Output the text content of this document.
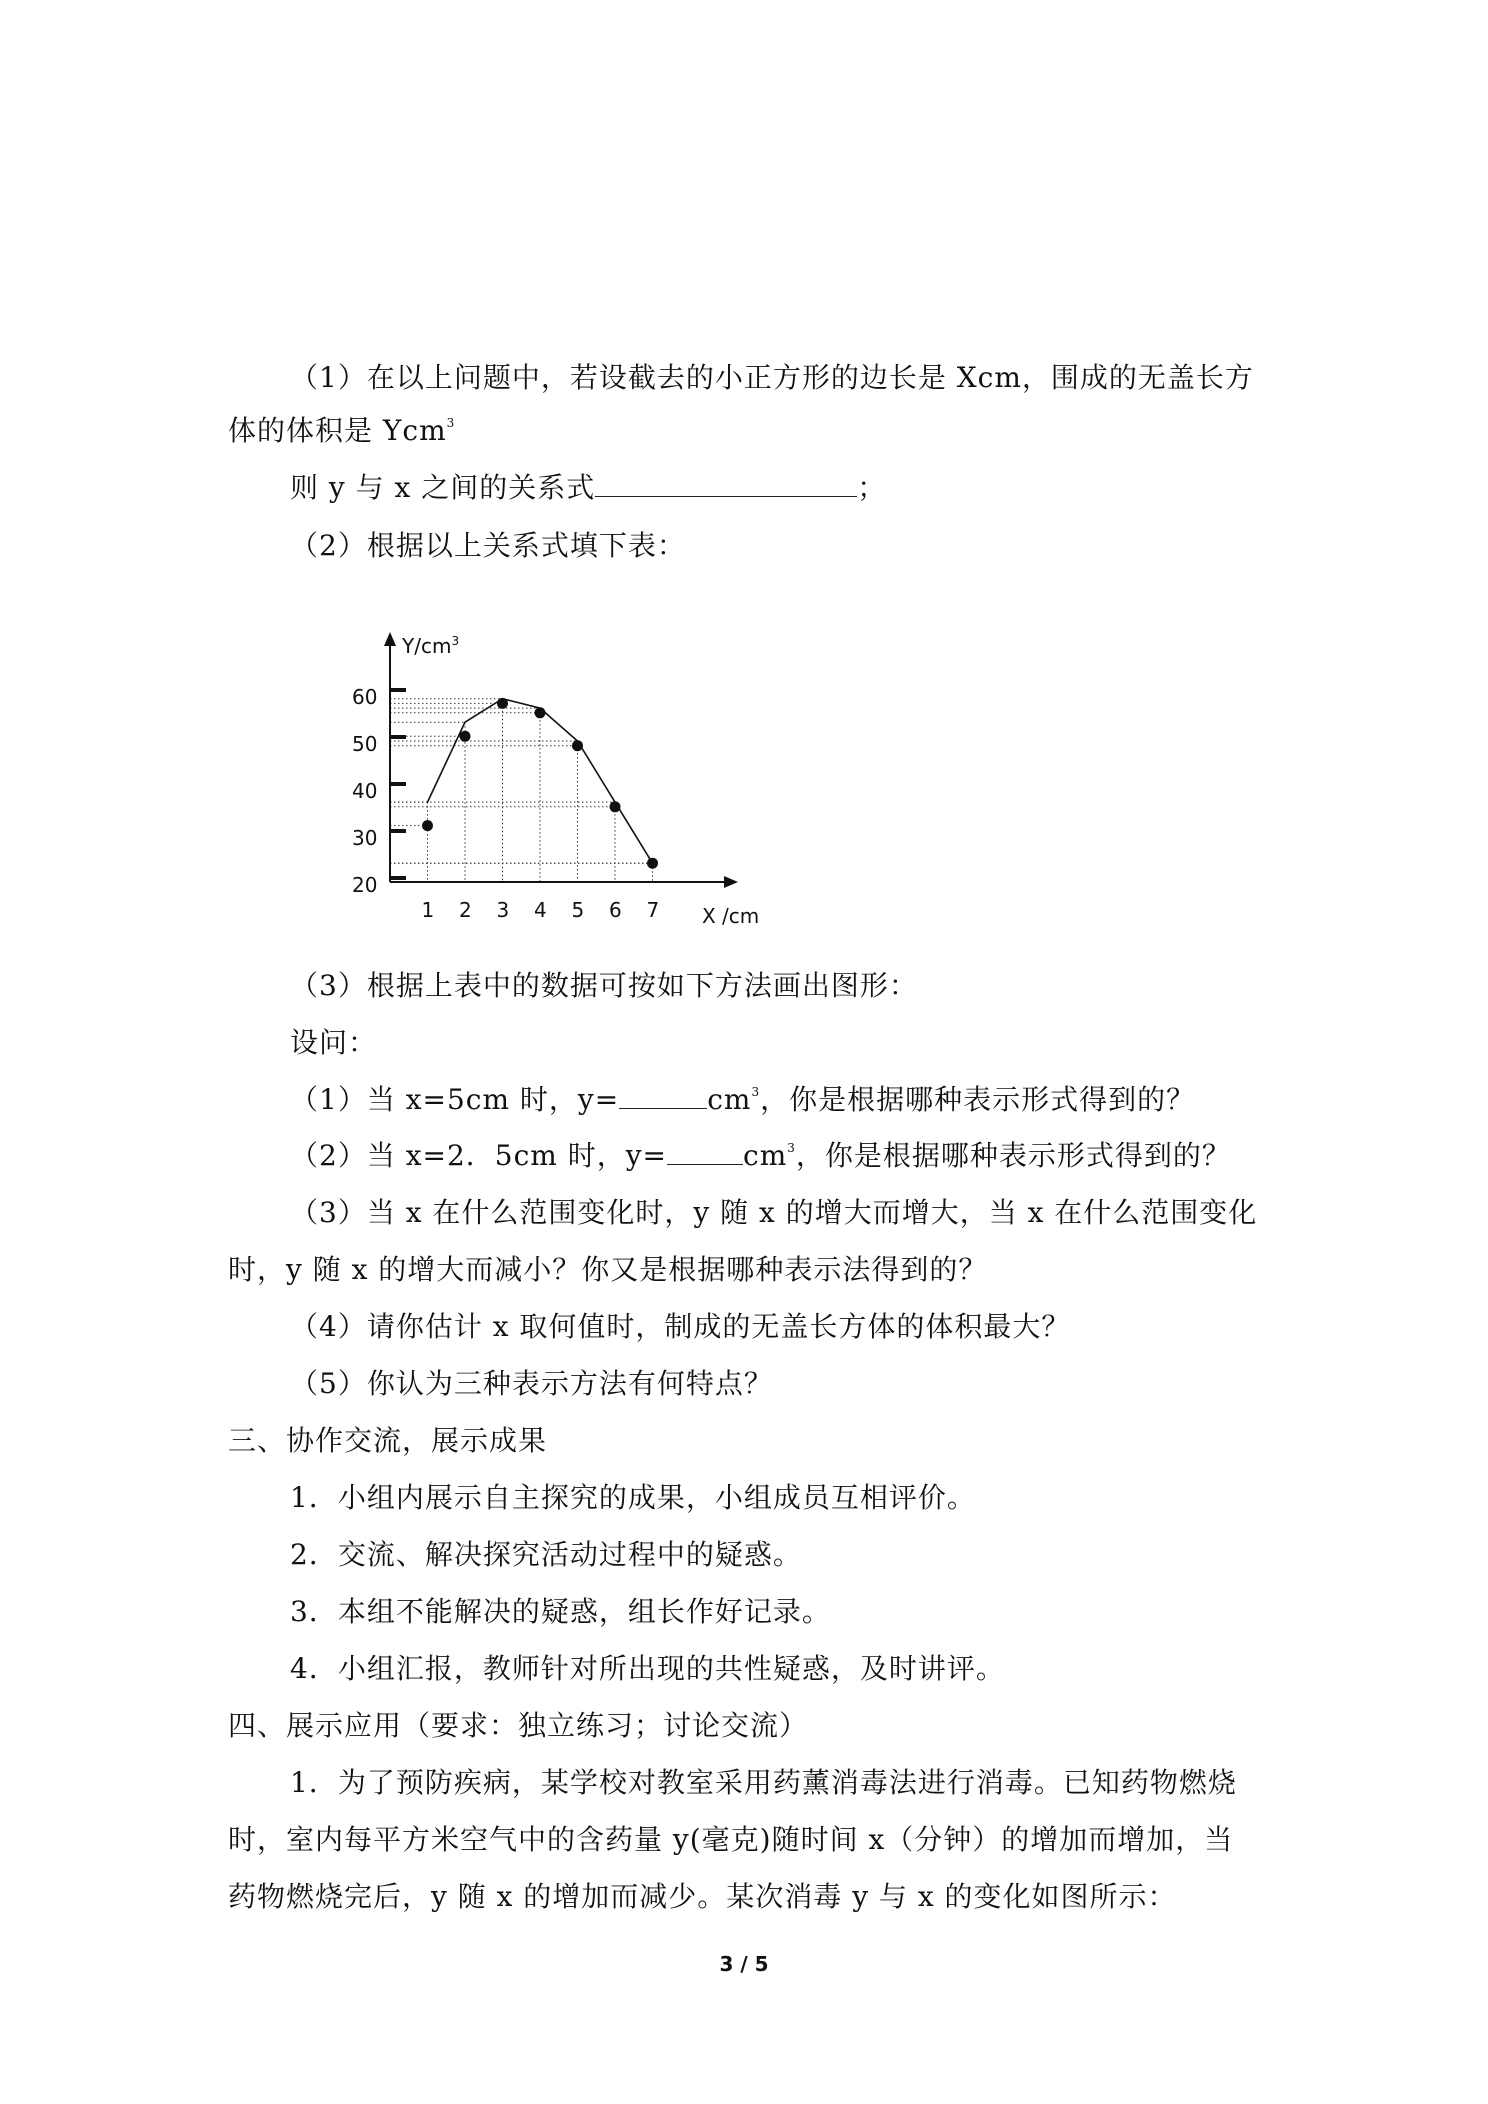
（1）在以上问题中，若设截去的小正方形的边长是 Xcm，围成的无盖长方
体的体积是 Ycm$^3$
则 y 与 x 之间的关系式	；
（2）根据以上关系式填下表：
20
30
40
50
60
1 2 3 4 5 6 7
$Y/cm^3$
X /cm
（3）根据上表中的数据可按如下方法画出图形：
设问：
（1）当 x=5cm 时，y=	$cm^3$，你是根据哪种表示形式得到的？
（2）当 x=2．5cm 时，y=	$cm^3$，你是根据哪种表示形式得到的？
（3）当 x 在什么范围变化时，y 随 x 的增大而增大，当 x 在什么范围变化
时，y 随 x 的增大而减小？你又是根据哪种表示法得到的？
（4）请你估计 x 取何值时，制成的无盖长方体的体积最大？
（5）你认为三种表示方法有何特点？
三、协作交流，展示成果
1．小组内展示自主探究的成果，小组成员互相评价。
2．交流、解决探究活动过程中的疑惑。
3．本组不能解决的疑惑，组长作好记录。
4．小组汇报，教师针对所出现的共性疑惑，及时讲评。
四、展示应用（要求：独立练习；讨论交流）
1．为了预防疾病，某学校对教室采用药薰消毒法进行消毒。已知药物燃烧
时，室内每平方米空气中的含药量 y(毫克)随时间 x（分钟）的增加而增加，当
药物燃烧完后，y 随 x 的增加而减少。某次消毒 y 与 x 的变化如图所示：
3 / 5
